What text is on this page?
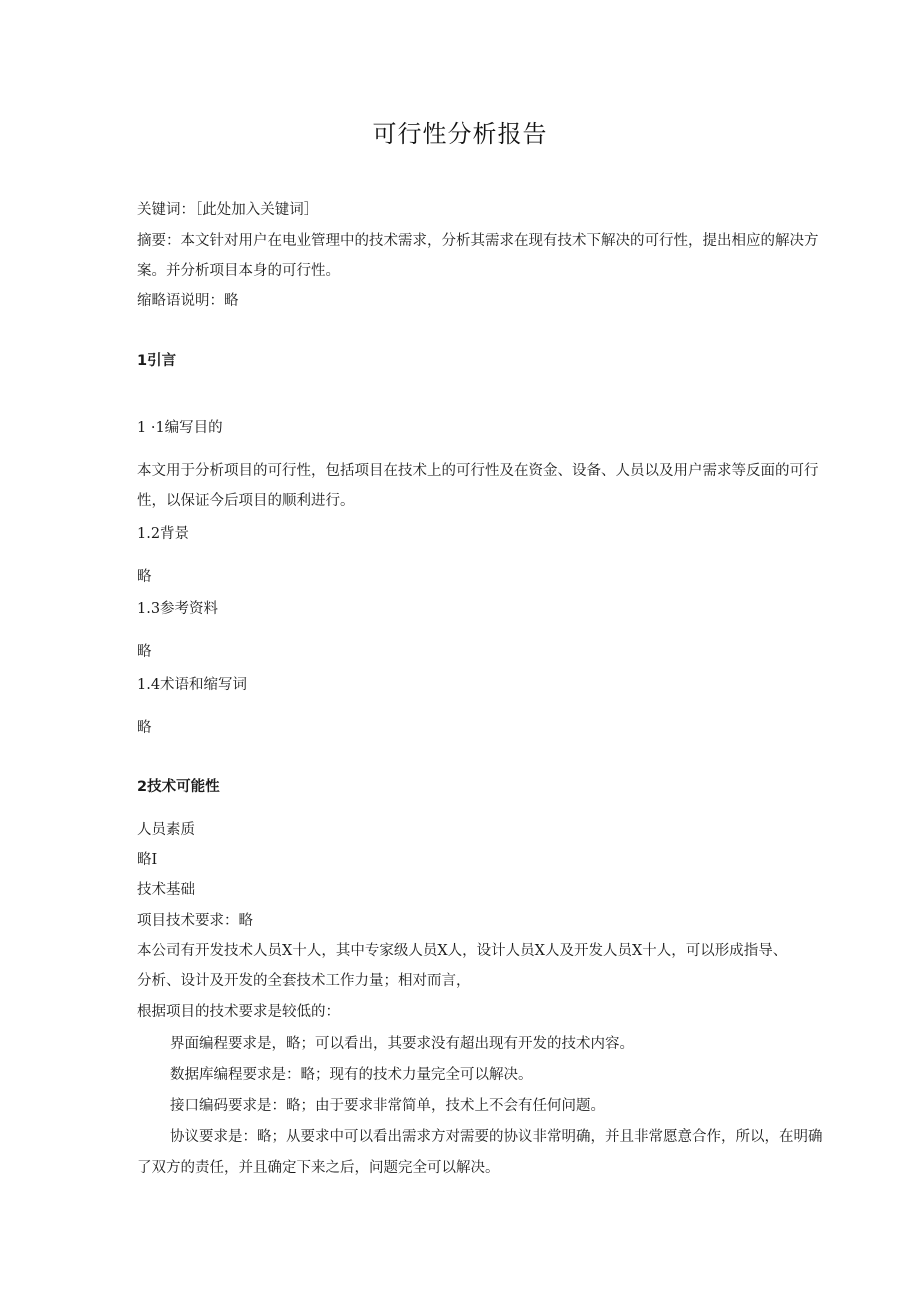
可行性分析报告
关键词：［此处加入关键词］
摘要：本文针对用户在电业管理中的技术需求，分析其需求在现有技术下解决的可行性，提出相应的解决方
案。并分析项目本身的可行性。
缩略语说明：略
1引言
1 ·1编写目的
本文用于分析项目的可行性，包括项目在技术上的可行性及在资金、设备、人员以及用户需求等反面的可行
性，以保证今后项目的顺利进行。
1.2背景
略
1.3参考资料
略
1.4术语和缩写词
略
2技术可能性
人员素质
略I
技术基础
项目技术要求：略
本公司有开发技术人员X十人，其中专家级人员X人，设计人员X人及开发人员X十人，可以形成指导、
分析、设计及开发的全套技术工作力量；相对而言，
根据项目的技术要求是较低的：
界面编程要求是，略；可以看出，其要求没有超出现有开发的技术内容。
数据库编程要求是：略；现有的技术力量完全可以解决。
接口编码要求是：略；由于要求非常简单，技术上不会有任何问题。
协议要求是：略；从要求中可以看出需求方对需要的协议非常明确，并且非常愿意合作，所以，在明确
了双方的责任，并且确定下来之后，问题完全可以解决。
